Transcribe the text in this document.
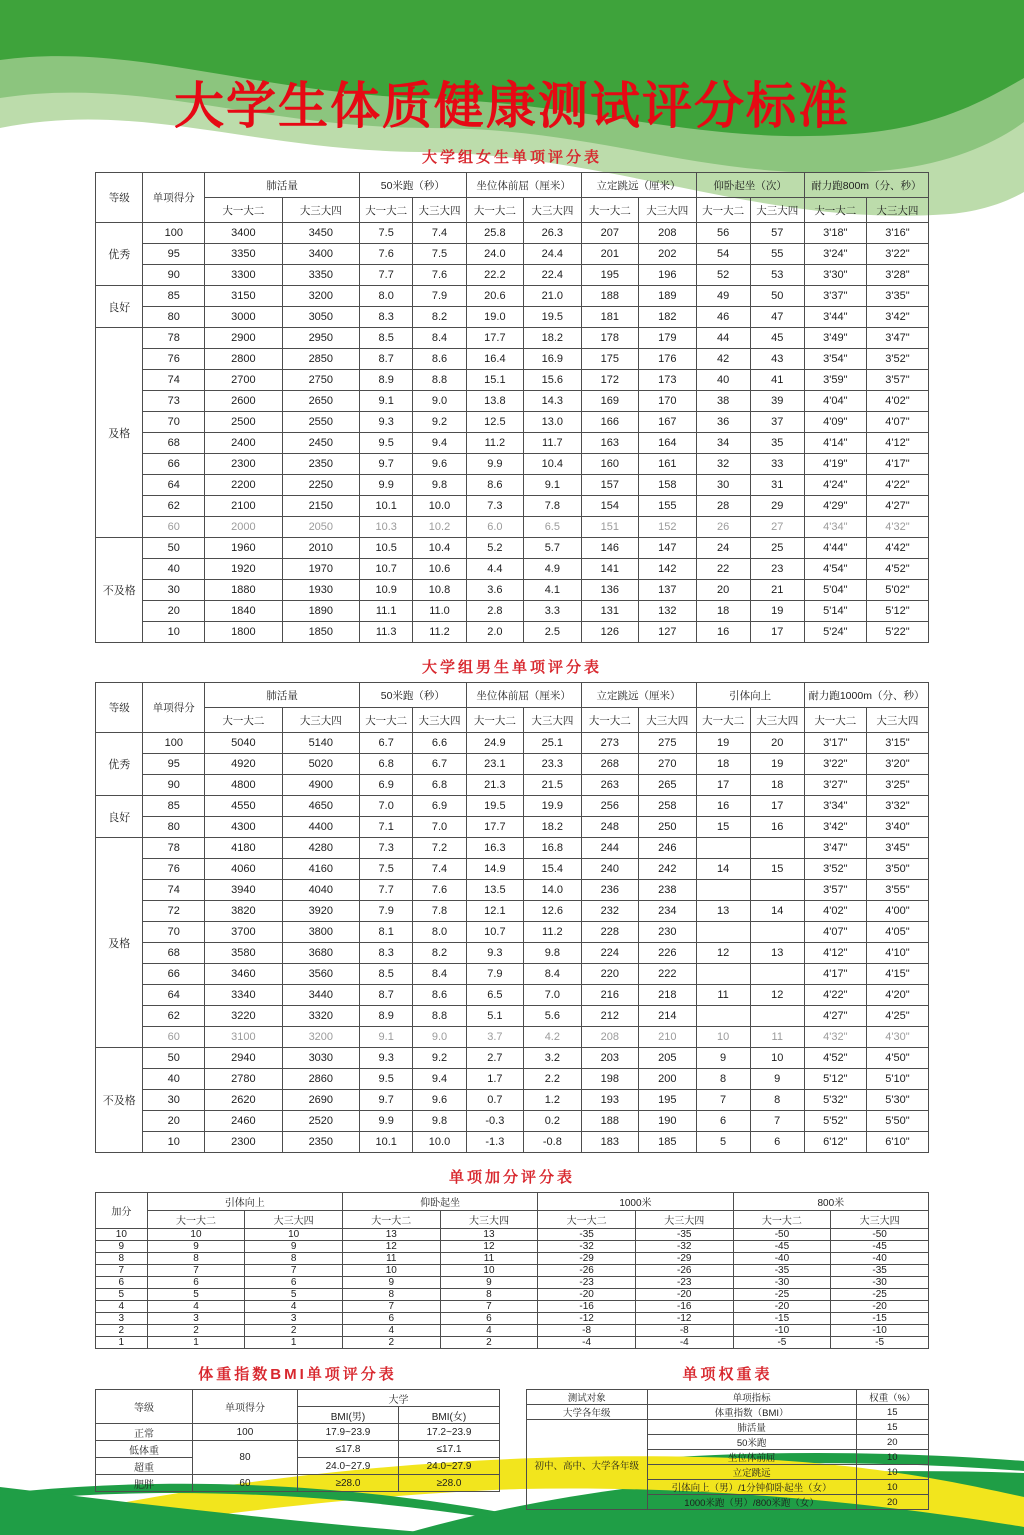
大学生体质健康测试评分标准
大学组女生单项评分表
等级	单项得分	肺活量		50米跑（秒）		坐位体前屈（厘米）		立定跳远（厘米）		仰卧起坐（次）		耐力跑800m（分、秒）	
		大一大二	大三大四	大一大二	大三大四	大一大二	大三大四	大一大二	大三大四	大一大二	大三大四	大一大二	大三大四
优秀	100	3400	3450	7.5	7.4	25.8	26.3	207	208	56	57	3'18"	3'16"
	95	3350	3400	7.6	7.5	24.0	24.4	201	202	54	55	3'24"	3'22"
	90	3300	3350	7.7	7.6	22.2	22.4	195	196	52	53	3'30"	3'28"
良好	85	3150	3200	8.0	7.9	20.6	21.0	188	189	49	50	3'37"	3'35"
	80	3000	3050	8.3	8.2	19.0	19.5	181	182	46	47	3'44"	3'42"
及格	78	2900	2950	8.5	8.4	17.7	18.2	178	179	44	45	3'49"	3'47"
	76	2800	2850	8.7	8.6	16.4	16.9	175	176	42	43	3'54"	3'52"
	74	2700	2750	8.9	8.8	15.1	15.6	172	173	40	41	3'59"	3'57"
	73	2600	2650	9.1	9.0	13.8	14.3	169	170	38	39	4'04"	4'02"
	70	2500	2550	9.3	9.2	12.5	13.0	166	167	36	37	4'09"	4'07"
	68	2400	2450	9.5	9.4	11.2	11.7	163	164	34	35	4'14"	4'12"
	66	2300	2350	9.7	9.6	9.9	10.4	160	161	32	33	4'19"	4'17"
	64	2200	2250	9.9	9.8	8.6	9.1	157	158	30	31	4'24"	4'22"
	62	2100	2150	10.1	10.0	7.3	7.8	154	155	28	29	4'29"	4'27"
	60	2000	2050	10.3	10.2	6.0	6.5	151	152	26	27	4'34"	4'32"
不及格	50	1960	2010	10.5	10.4	5.2	5.7	146	147	24	25	4'44"	4'42"
	40	1920	1970	10.7	10.6	4.4	4.9	141	142	22	23	4'54"	4'52"
	30	1880	1930	10.9	10.8	3.6	4.1	136	137	20	21	5'04"	5'02"
	20	1840	1890	11.1	11.0	2.8	3.3	131	132	18	19	5'14"	5'12"
	10	1800	1850	11.3	11.2	2.0	2.5	126	127	16	17	5'24"	5'22"
大学组男生单项评分表
等级	单项得分	肺活量		50米跑（秒）		坐位体前屈（厘米）		立定跳远（厘米）		引体向上		耐力跑1000m（分、秒）	
		大一大二	大三大四	大一大二	大三大四	大一大二	大三大四	大一大二	大三大四	大一大二	大三大四	大一大二	大三大四
优秀	100	5040	5140	6.7	6.6	24.9	25.1	273	275	19	20	3'17"	3'15"
	95	4920	5020	6.8	6.7	23.1	23.3	268	270	18	19	3'22"	3'20"
	90	4800	4900	6.9	6.8	21.3	21.5	263	265	17	18	3'27"	3'25"
良好	85	4550	4650	7.0	6.9	19.5	19.9	256	258	16	17	3'34"	3'32"
	80	4300	4400	7.1	7.0	17.7	18.2	248	250	15	16	3'42"	3'40"
及格	78	4180	4280	7.3	7.2	16.3	16.8	244	246			3'47"	3'45"
	76	4060	4160	7.5	7.4	14.9	15.4	240	242	14	15	3'52"	3'50"
	74	3940	4040	7.7	7.6	13.5	14.0	236	238			3'57"	3'55"
	72	3820	3920	7.9	7.8	12.1	12.6	232	234	13	14	4'02"	4'00"
	70	3700	3800	8.1	8.0	10.7	11.2	228	230			4'07"	4'05"
	68	3580	3680	8.3	8.2	9.3	9.8	224	226	12	13	4'12"	4'10"
	66	3460	3560	8.5	8.4	7.9	8.4	220	222			4'17"	4'15"
	64	3340	3440	8.7	8.6	6.5	7.0	216	218	11	12	4'22"	4'20"
	62	3220	3320	8.9	8.8	5.1	5.6	212	214			4'27"	4'25"
	60	3100	3200	9.1	9.0	3.7	4.2	208	210	10	11	4'32"	4'30"
不及格	50	2940	3030	9.3	9.2	2.7	3.2	203	205	9	10	4'52"	4'50"
	40	2780	2860	9.5	9.4	1.7	2.2	198	200	8	9	5'12"	5'10"
	30	2620	2690	9.7	9.6	0.7	1.2	193	195	7	8	5'32"	5'30"
	20	2460	2520	9.9	9.8	-0.3	0.2	188	190	6	7	5'52"	5'50"
	10	2300	2350	10.1	10.0	-1.3	-0.8	183	185	5	6	6'12"	6'10"
单项加分评分表
加分	引体向上		仰卧起坐		1000米		800米	
	大一大二	大三大四	大一大二	大三大四	大一大二	大三大四	大一大二	大三大四
10	10	10	13	13	-35	-35	-50	-50
9	9	9	12	12	-32	-32	-45	-45
8	8	8	11	11	-29	-29	-40	-40
7	7	7	10	10	-26	-26	-35	-35
6	6	6	9	9	-23	-23	-30	-30
5	5	5	8	8	-20	-20	-25	-25
4	4	4	7	7	-16	-16	-20	-20
3	3	3	6	6	-12	-12	-15	-15
2	2	2	4	4	-8	-8	-10	-10
1	1	1	2	2	-4	-4	-5	-5
体重指数BMI单项评分表
等级	单项得分	大学	
		BMI(男)	BMI(女)
正常	100	17.9~23.9	17.2~23.9
低体重	80	≤17.8	≤17.1
超重		24.0~27.9	24.0~27.9
肥胖	60	≥28.0	≥28.0
单项权重表
测试对象	单项指标	权重（%）
大学各年级	体重指数（BMI）	15
初中、高中、大学各年级	肺活量	15
	50米跑	20
	坐位体前屈	10
	立定跳远	10
	引体向上（男）/1分钟仰卧起坐（女）	10
	1000米跑（男）/800米跑（女）	20
